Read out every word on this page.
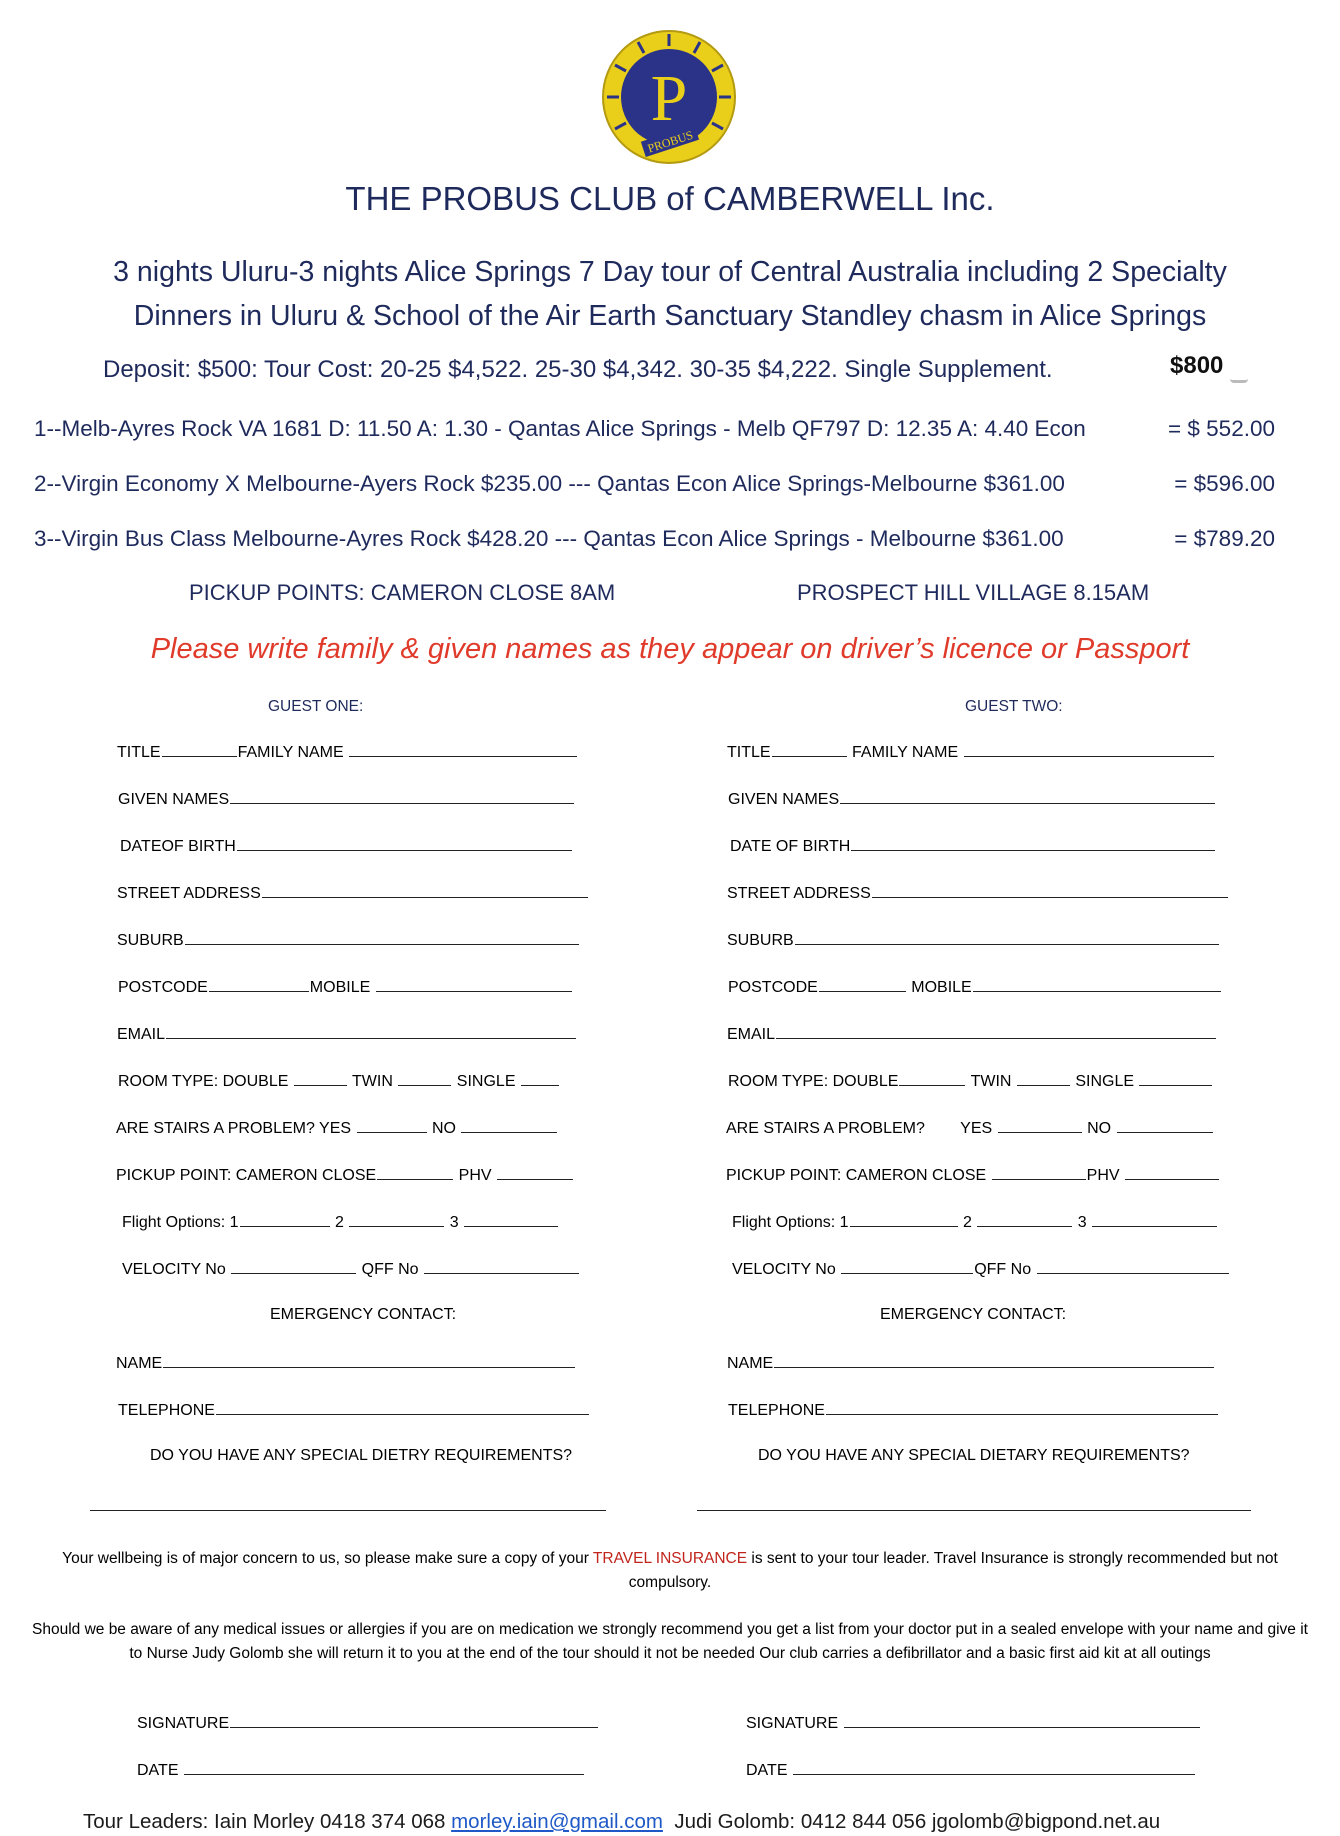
P
PROBUS
THE PROBUS CLUB of CAMBERWELL Inc.
3 nights Uluru-3 nights Alice Springs 7 Day tour of Central Australia including 2 Specialty
Dinners in Uluru & School of the Air Earth Sanctuary Standley chasm in Alice Springs
Deposit: $500: Tour Cost: 20-25 $4,522. 25-30 $4,342. 30-35 $4,222. Single Supplement.	$800
1--Melb-Ayres Rock VA 1681 D: 11.50 A: 1.30 - Qantas Alice Springs - Melb QF797 D: 12.35 A: 4.40 Econ	= $ 552.00
2--Virgin Economy X Melbourne-Ayers Rock $235.00 --- Qantas Econ Alice Springs-Melbourne $361.00	= $596.00
3--Virgin Bus Class Melbourne-Ayres Rock $428.20 --- Qantas Econ Alice Springs - Melbourne $361.00	= $789.20
PICKUP POINTS: CAMERON CLOSE 8AM	PROSPECT HILL VILLAGE 8.15AM
Please write family & given names as they appear on driver’s licence or Passport
GUEST ONE:	GUEST TWO:
TITLE	FAMILY NAME
GIVEN NAMES
DATEOF BIRTH
STREET ADDRESS
SUBURB
POSTCODE	MOBILE
EMAIL
ROOM TYPE: DOUBLE	TWIN	SINGLE
ARE STAIRS A PROBLEM? YES	NO
PICKUP POINT: CAMERON CLOSE	PHV
Flight Options: 1	2	3
VELOCITY No	QFF No
EMERGENCY CONTACT:
NAME
TELEPHONE
DO YOU HAVE ANY SPECIAL DIETRY REQUIREMENTS?
TITLE	FAMILY NAME
GIVEN NAMES
DATE OF BIRTH
STREET ADDRESS
SUBURB
POSTCODE	MOBILE
EMAIL
ROOM TYPE: DOUBLE	TWIN	SINGLE
ARE STAIRS A PROBLEM? YES	NO
PICKUP POINT: CAMERON CLOSE	PHV
Flight Options: 1	2	3
VELOCITY No	QFF No
EMERGENCY CONTACT:
NAME
TELEPHONE
DO YOU HAVE ANY SPECIAL DIETARY REQUIREMENTS?
Your wellbeing is of major concern to us, so please make sure a copy of your TRAVEL INSURANCE is sent to your tour leader. Travel Insurance is strongly recommended but not compulsory.
Should we be aware of any medical issues or allergies if you are on medication we strongly recommend you get a list from your doctor put in a sealed envelope with your name and give it to Nurse Judy Golomb she will return it to you at the end of the tour should it not be needed Our club carries a defibrillator and a basic first aid kit at all outings
SIGNATURE	SIGNATURE
DATE	DATE
Tour Leaders: Iain Morley 0418 374 068 morley.iain@gmail.com Judi Golomb: 0412 844 056 jgolomb@bigpond.net.au
